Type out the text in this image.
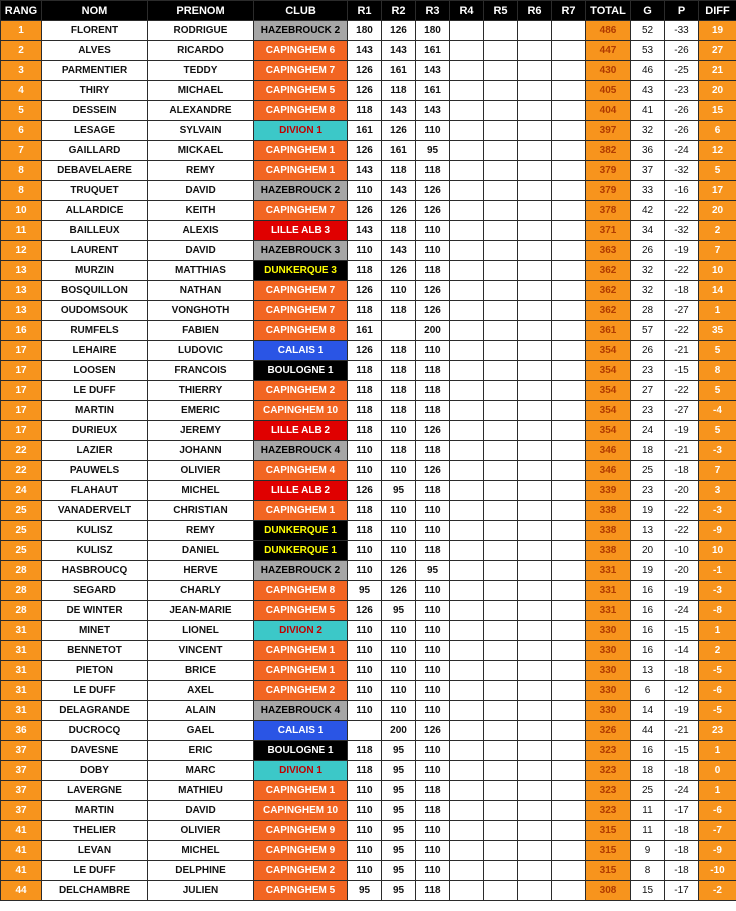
RANG	NOM	PRENOM	CLUB	R1	R2	R3	R4	R5	R6	R7	TOTAL	G	P	DIFF
1	FLORENT	RODRIGUE	HAZEBROUCK 2	180	126	180					486	52	-33	19
2	ALVES	RICARDO	CAPINGHEM 6	143	143	161					447	53	-26	27
3	PARMENTIER	TEDDY	CAPINGHEM 7	126	161	143					430	46	-25	21
4	THIRY	MICHAEL	CAPINGHEM 5	126	118	161					405	43	-23	20
5	DESSEIN	ALEXANDRE	CAPINGHEM 8	118	143	143					404	41	-26	15
6	LESAGE	SYLVAIN	DIVION 1	161	126	110					397	32	-26	6
7	GAILLARD	MICKAEL	CAPINGHEM 1	126	161	95					382	36	-24	12
8	DEBAVELAERE	REMY	CAPINGHEM 1	143	118	118					379	37	-32	5
8	TRUQUET	DAVID	HAZEBROUCK 2	110	143	126					379	33	-16	17
10	ALLARDICE	KEITH	CAPINGHEM 7	126	126	126					378	42	-22	20
11	BAILLEUX	ALEXIS	LILLE ALB 3	143	118	110					371	34	-32	2
12	LAURENT	DAVID	HAZEBROUCK 3	110	143	110					363	26	-19	7
13	MURZIN	MATTHIAS	DUNKERQUE 3	118	126	118					362	32	-22	10
13	BOSQUILLON	NATHAN	CAPINGHEM 7	126	110	126					362	32	-18	14
13	OUDOMSOUK	VONGHOTH	CAPINGHEM 7	118	118	126					362	28	-27	1
16	RUMFELS	FABIEN	CAPINGHEM 8	161		200					361	57	-22	35
17	LEHAIRE	LUDOVIC	CALAIS 1	126	118	110					354	26	-21	5
17	LOOSEN	FRANCOIS	BOULOGNE 1	118	118	118					354	23	-15	8
17	LE DUFF	THIERRY	CAPINGHEM 2	118	118	118					354	27	-22	5
17	MARTIN	EMERIC	CAPINGHEM 10	118	118	118					354	23	-27	-4
17	DURIEUX	JEREMY	LILLE ALB 2	118	110	126					354	24	-19	5
22	LAZIER	JOHANN	HAZEBROUCK 4	110	118	118					346	18	-21	-3
22	PAUWELS	OLIVIER	CAPINGHEM 4	110	110	126					346	25	-18	7
24	FLAHAUT	MICHEL	LILLE ALB 2	126	95	118					339	23	-20	3
25	VANADERVELT	CHRISTIAN	CAPINGHEM 1	118	110	110					338	19	-22	-3
25	KULISZ	REMY	DUNKERQUE 1	118	110	110					338	13	-22	-9
25	KULISZ	DANIEL	DUNKERQUE 1	110	110	118					338	20	-10	10
28	HASBROUCQ	HERVE	HAZEBROUCK 2	110	126	95					331	19	-20	-1
28	SEGARD	CHARLY	CAPINGHEM 8	95	126	110					331	16	-19	-3
28	DE WINTER	JEAN-MARIE	CAPINGHEM 5	126	95	110					331	16	-24	-8
31	MINET	LIONEL	DIVION 2	110	110	110					330	16	-15	1
31	BENNETOT	VINCENT	CAPINGHEM 1	110	110	110					330	16	-14	2
31	PIETON	BRICE	CAPINGHEM 1	110	110	110					330	13	-18	-5
31	LE DUFF	AXEL	CAPINGHEM 2	110	110	110					330	6	-12	-6
31	DELAGRANDE	ALAIN	HAZEBROUCK 4	110	110	110					330	14	-19	-5
36	DUCROCQ	GAEL	CALAIS 1		200	126					326	44	-21	23
37	DAVESNE	ERIC	BOULOGNE 1	118	95	110					323	16	-15	1
37	DOBY	MARC	DIVION 1	118	95	110					323	18	-18	0
37	LAVERGNE	MATHIEU	CAPINGHEM 1	110	95	118					323	25	-24	1
37	MARTIN	DAVID	CAPINGHEM 10	110	95	118					323	11	-17	-6
41	THELIER	OLIVIER	CAPINGHEM 9	110	95	110					315	11	-18	-7
41	LEVAN	MICHEL	CAPINGHEM 9	110	95	110					315	9	-18	-9
41	LE DUFF	DELPHINE	CAPINGHEM 2	110	95	110					315	8	-18	-10
44	DELCHAMBRE	JULIEN	CAPINGHEM 5	95	95	118					308	15	-17	-2
